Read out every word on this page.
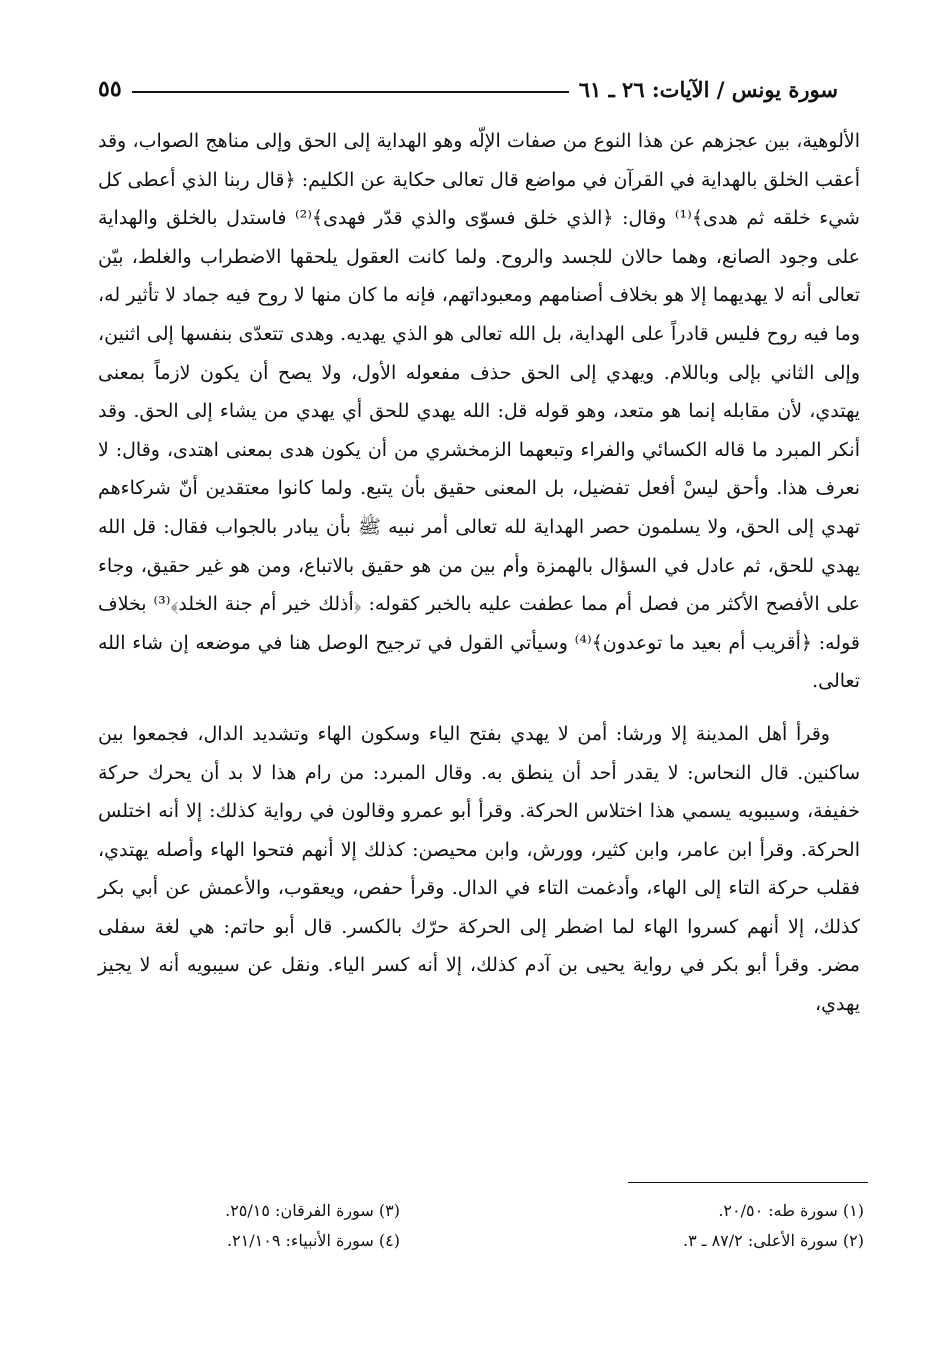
سورة يونس / الآيات: ٢٦ ـ ٦١
٥٥

الألوهية، بين عجزهم عن هذا النوع من صفات الإلّه وهو الهداية إلى الحق وإلى مناهج الصواب، وقد أعقب الخلق بالهداية في القرآن في مواضع قال تعالى حكاية عن الكليم: ﴿قال ربنا الذي أعطى كل شيء خلقه ثم هدى﴾⁽¹⁾ وقال: ﴿الذي خلق فسوّى والذي قدّر فهدى﴾⁽²⁾ فاستدل بالخلق والهداية على وجود الصانع، وهما حالان للجسد والروح. ولما كانت العقول يلحقها الاضطراب والغلط، بيّن تعالى أنه لا يهديهما إلا هو بخلاف أصنامهم ومعبوداتهم، فإنه ما كان منها لا روح فيه جماد لا تأثير له، وما فيه روح فليس قادراً على الهداية، بل الله تعالى هو الذي يهديه. وهدى تتعدّى بنفسها إلى اثنين، وإلى الثاني بإلى وباللام. ويهدي إلى الحق حذف مفعوله الأول، ولا يصح أن يكون لازماً بمعنى يهتدي، لأن مقابله إنما هو متعد، وهو قوله قل: الله يهدي للحق أي يهدي من يشاء إلى الحق. وقد أنكر المبرد ما قاله الكسائي والفراء وتبعهما الزمخشري من أن يكون هدى بمعنى اهتدى، وقال: لا نعرف هذا. وأحق ليسْ أفعل تفضيل، بل المعنى حقيق بأن يتبع. ولما كانوا معتقدين أنّ شركاءهم تهدي إلى الحق، ولا يسلمون حصر الهداية لله تعالى أمر نبيه ﷺ بأن يبادر بالجواب فقال: قل الله يهدي للحق، ثم عادل في السؤال بالهمزة وأم بين من هو حقيق بالاتباع، ومن هو غير حقيق، وجاء على الأفصح الأكثر من فصل أم مما عطفت عليه بالخبر كقوله: ﴿أذلك خير أم جنة الخلد﴾⁽³⁾ بخلاف قوله: ﴿أقريب أم بعيد ما توعدون﴾⁽⁴⁾ وسيأتي القول في ترجيح الوصل هنا في موضعه إن شاء الله تعالى.

وقرأ أهل المدينة إلا ورشا: أمن لا يهدي بفتح الياء وسكون الهاء وتشديد الدال، فجمعوا بين ساكنين. قال النحاس: لا يقدر أحد أن ينطق به. وقال المبرد: من رام هذا لا بد أن يحرك حركة خفيفة، وسيبويه يسمي هذا اختلاس الحركة. وقرأ أبو عمرو وقالون في رواية كذلك: إلا أنه اختلس الحركة. وقرأ ابن عامر، وابن كثير، وورش، وابن محيصن: كذلك إلا أنهم فتحوا الهاء وأصله يهتدي، فقلب حركة التاء إلى الهاء، وأدغمت التاء في الدال. وقرأ حفص، ويعقوب، والأعمش عن أبي بكر كذلك، إلا أنهم كسروا الهاء لما اضطر إلى الحركة حرّك بالكسر. قال أبو حاتم: هي لغة سفلى مضر. وقرأ أبو بكر في رواية يحيى بن آدم كذلك، إلا أنه كسر الياء. ونقل عن سيبويه أنه لا يجيز يهدي،

(١) سورة طه: ٢٠/٥٠.
(٢) سورة الأعلى: ٨٧/٢ ـ ٣.
(٣) سورة الفرقان: ٢٥/١٥.
(٤) سورة الأنبياء: ٢١/١٠٩.
